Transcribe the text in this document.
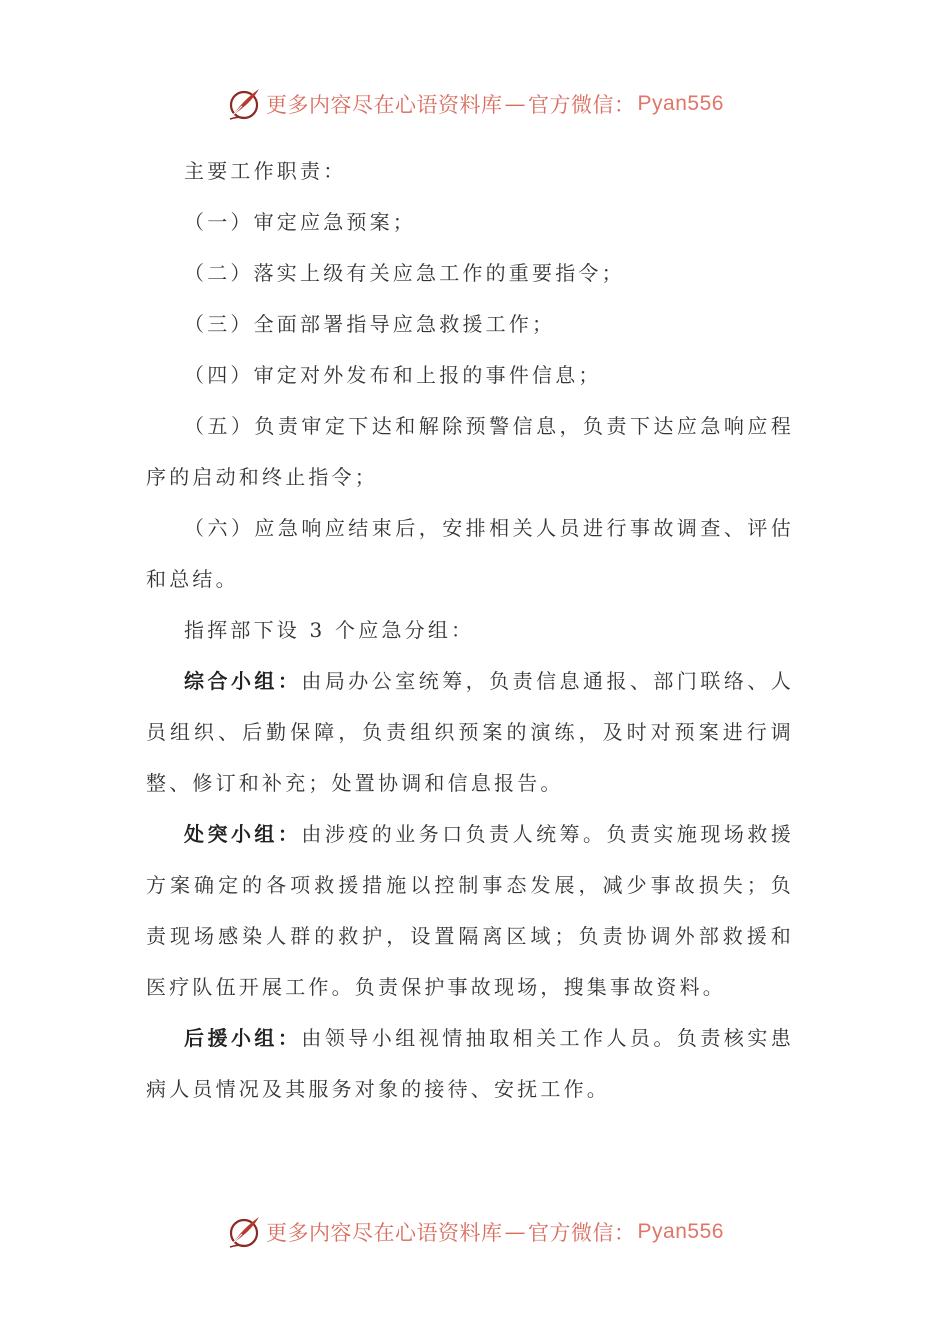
更多内容尽在心语资料库 — 官方微信： Pyan556

主要工作职责：

（一）审定应急预案；

（二）落实上级有关应急工作的重要指令；

（三）全面部署指导应急救援工作；

（四）审定对外发布和上报的事件信息；

（五）负责审定下达和解除预警信息，负责下达应急响应程序的启动和终止指令；

（六）应急响应结束后，安排相关人员进行事故调查、评估和总结。

指挥部下设 3 个应急分组：

综合小组：由局办公室统筹，负责信息通报、部门联络、人员组织、后勤保障，负责组织预案的演练，及时对预案进行调整、修订和补充；处置协调和信息报告。

处突小组：由涉疫的业务口负责人统筹。负责实施现场救援方案确定的各项救援措施以控制事态发展，减少事故损失；负责现场感染人群的救护，设置隔离区域；负责协调外部救援和医疗队伍开展工作。负责保护事故现场，搜集事故资料。

后援小组：由领导小组视情抽取相关工作人员。负责核实患病人员情况及其服务对象的接待、安抚工作。

更多内容尽在心语资料库 — 官方微信： Pyan556
